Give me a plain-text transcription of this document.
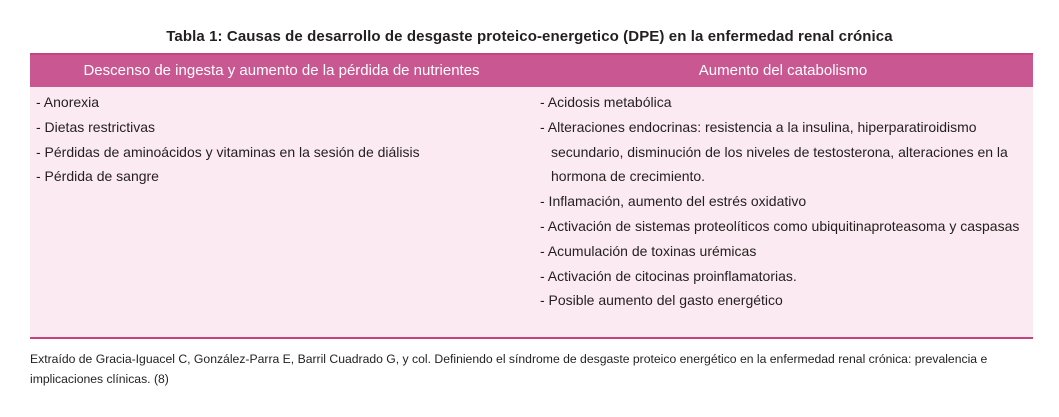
Tabla 1: Causas de desarrollo de desgaste proteico-energetico (DPE) en la enfermedad renal crónica
Descenso de ingesta y aumento de la pérdida de nutrientes	Aumento del catabolismo
- Anorexia
- Dietas restrictivas
- Pérdidas de aminoácidos y vitaminas en la sesión de diálisis
- Pérdida de sangre
- Acidosis metabólica
- Alteraciones endocrinas: resistencia a la insulina, hiperparatiroidismo secundario, disminución de los niveles de testosterona, alteraciones en la hormona de crecimiento.
- Inflamación, aumento del estrés oxidativo
- Activación de sistemas proteolíticos como ubiquitinaproteasoma y caspasas
- Acumulación de toxinas urémicas
- Activación de citocinas proinflamatorias.
- Posible aumento del gasto energético
Extraído de Gracia-Iguacel C, González-Parra E, Barril Cuadrado G, y col. Definiendo el síndrome de desgaste proteico energético en la enfermedad renal crónica: prevalencia e implicaciones clínicas. (8)
